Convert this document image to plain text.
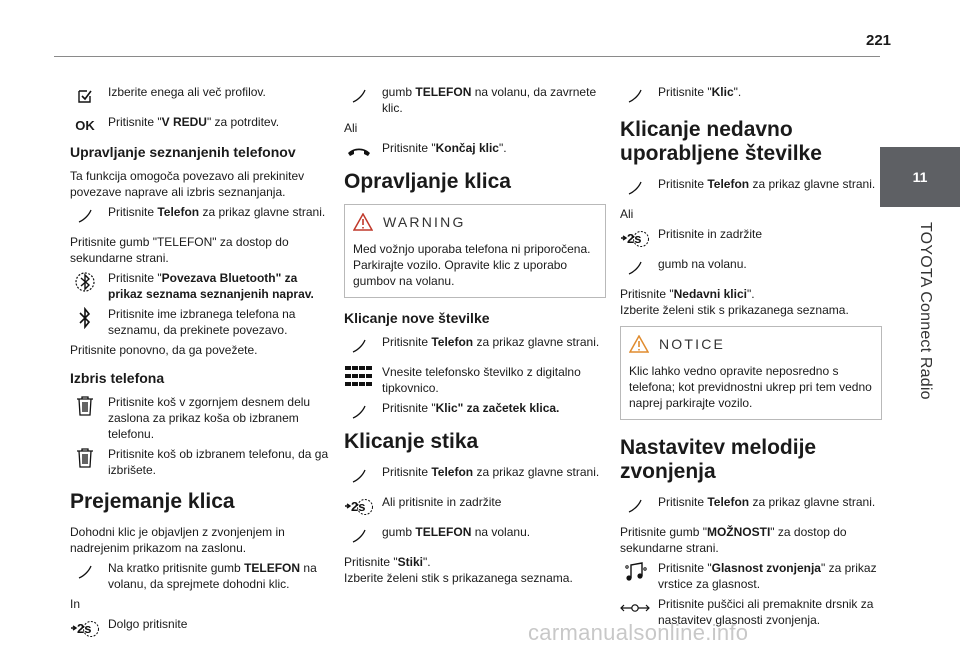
221
11
TOYOTA Connect Radio
Izberite enega ali več profilov.
OK	Pritisnite "V REDU" za potrditev.
Upravljanje seznanjenih telefonov

Ta funkcija omogoča povezavo ali prekinitev povezave naprave ali izbris seznanjanja.

Pritisnite Telefon za prikaz glavne strani.

Pritisnite gumb "TELEFON" za dostop do sekundarne strani.

Pritisnite "Povezava Bluetooth" za prikaz seznama seznanjenih naprav.
Pritisnite ime izbranega telefona na seznamu, da prekinete povezavo.

Pritisnite ponovno, da ga povežete.

Izbris telefona
Pritisnite koš v zgornjem desnem delu zaslona za prikaz koša ob izbranem telefonu.
Pritisnite koš ob izbranem telefonu, da ga izbrišete.
Prejemanje klica

Dohodni klic je objavljen z zvonjenjem in nadrejenim prikazom na zaslonu.

Na kratko pritisnite gumb TELEFON na volanu, da sprejmete dohodni klic.

In

2s Dolgo pritisnite
gumb TELEFON na volanu, da zavrnete klic.

Ali

Pritisnite "Končaj klic".
Opravljanje klica
WARNING
Med vožnjo uporaba telefona ni priporočena. Parkirajte vozilo. Opravite klic z uporabo gumbov na volanu.
Klicanje nove številke
Pritisnite Telefon za prikaz glavne strani.
Vnesite telefonsko številko z digitalno tipkovnico.
Pritisnite "Klic" za začetek klica.
Klicanje stika
Pritisnite Telefon za prikaz glavne strani.
2s Ali pritisnite in zadržite
gumb TELEFON na volanu.

Pritisnite "Stiki".

Izberite želeni stik s prikazanega seznama.

Pritisnite "Klic".
Klicanje nedavno uporabljene številke
Pritisnite Telefon za prikaz glavne strani.

Ali

2s Pritisnite in zadržite
gumb na volanu.

Pritisnite "Nedavni klici".

Izberite želeni stik s prikazanega seznama.

NOTICE
Klic lahko vedno opravite neposredno s telefona; kot previdnostni ukrep pri tem vedno naprej parkirajte vozilo.
Nastavitev melodije zvonjenja
Pritisnite Telefon za prikaz glavne strani.

Pritisnite gumb "MOŽNOSTI" za dostop do sekundarne strani.

Pritisnite "Glasnost zvonjenja" za prikaz vrstice za glasnost.
Pritisnite puščici ali premaknite drsnik za nastavitev glasnosti zvonjenja.
carmanualsonline.info
